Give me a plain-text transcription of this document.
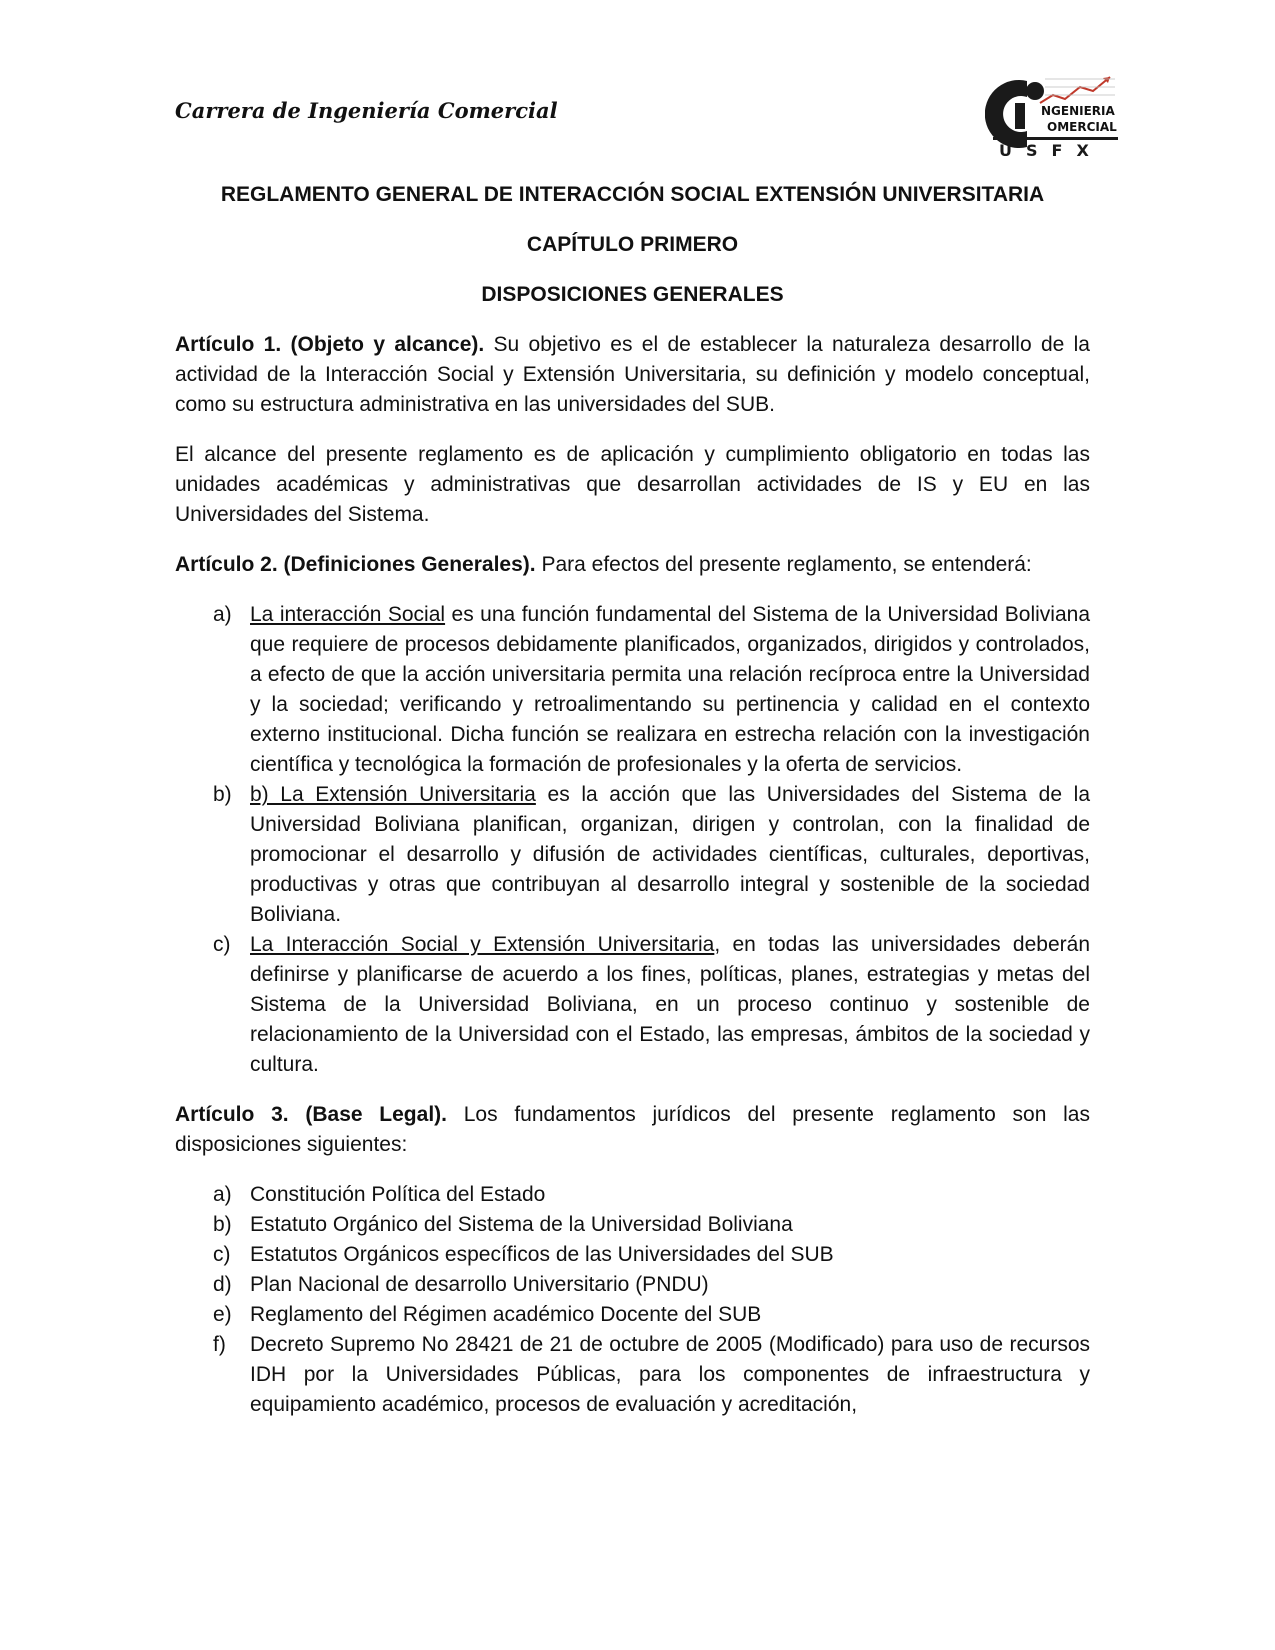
Carrera de Ingeniería Comercial	NGENIERIA
OMERCIAL
USFX
REGLAMENTO GENERAL DE INTERACCIÓN SOCIAL EXTENSIÓN UNIVERSITARIA
CAPÍTULO PRIMERO
DISPOSICIONES GENERALES

Artículo 1. (Objeto y alcance). Su objetivo es el de establecer la naturaleza desarrollo de la actividad de la Interacción Social y Extensión Universitaria, su definición y modelo conceptual, como su estructura administrativa en las universidades del SUB.

El alcance del presente reglamento es de aplicación y cumplimiento obligatorio en todas las unidades académicas y administrativas que desarrollan actividades de IS y EU en las Universidades del Sistema.

Artículo 2. (Definiciones Generales). Para efectos del presente reglamento, se entenderá:

a) La interacción Social es una función fundamental del Sistema de la Universidad Boliviana que requiere de procesos debidamente planificados, organizados, dirigidos y controlados, a efecto de que la acción universitaria permita una relación recíproca entre la Universidad y la sociedad; verificando y retroalimentando su pertinencia y calidad en el contexto externo institucional. Dicha función se realizara en estrecha relación con la investigación científica y tecnológica la formación de profesionales y la oferta de servicios.
b) b) La Extensión Universitaria es la acción que las Universidades del Sistema de la Universidad Boliviana planifican, organizan, dirigen y controlan, con la finalidad de promocionar el desarrollo y difusión de actividades científicas, culturales, deportivas, productivas y otras que contribuyan al desarrollo integral y sostenible de la sociedad Boliviana.
c) La Interacción Social y Extensión Universitaria, en todas las universidades deberán definirse y planificarse de acuerdo a los fines, políticas, planes, estrategias y metas del Sistema de la Universidad Boliviana, en un proceso continuo y sostenible de relacionamiento de la Universidad con el Estado, las empresas, ámbitos de la sociedad y cultura.

Artículo 3. (Base Legal). Los fundamentos jurídicos del presente reglamento son las disposiciones siguientes:

a) Constitución Política del Estado
b) Estatuto Orgánico del Sistema de la Universidad Boliviana
c) Estatutos Orgánicos específicos de las Universidades del SUB
d) Plan Nacional de desarrollo Universitario (PNDU)
e) Reglamento del Régimen académico Docente del SUB
f) Decreto Supremo No 28421 de 21 de octubre de 2005 (Modificado) para uso de recursos IDH por la Universidades Públicas, para los componentes de infraestructura y equipamiento académico, procesos de evaluación y acreditación,
